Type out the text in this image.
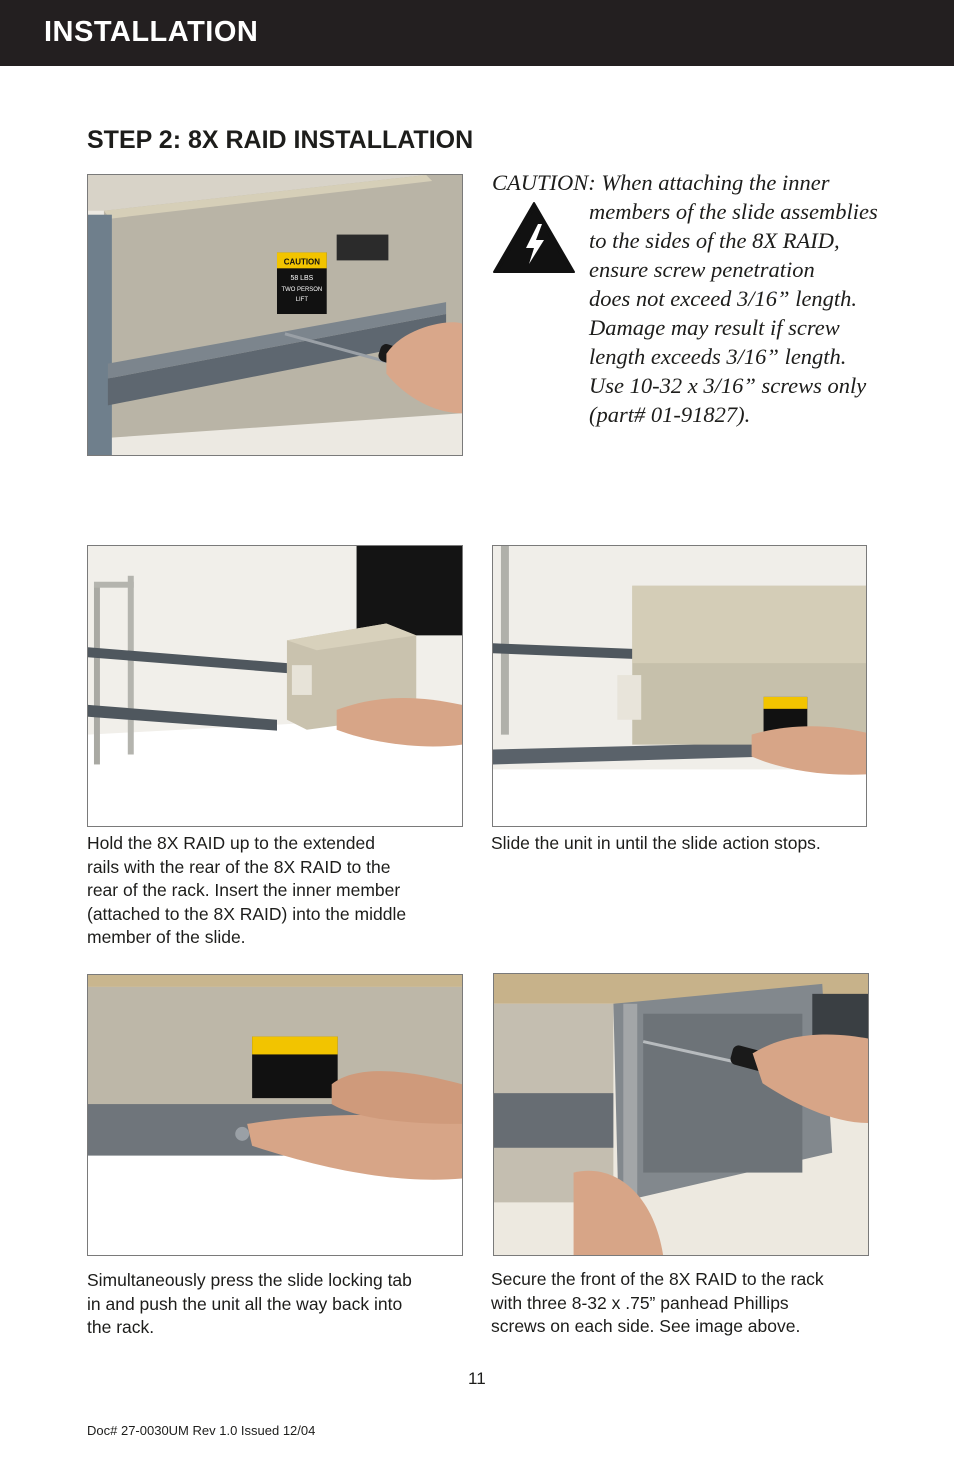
INSTALLATION
STEP 2: 8X RAID INSTALLATION
CAUTION
58 LBS
TWO PERSON
LIFT
CAUTION: When attaching the inner
members of the slide assemblies
to the sides of the 8X RAID,
ensure screw penetration
does not exceed 3/16” length.
Damage may result if screw
length exceeds 3/16” length.
Use 10-32 x 3/16” screws only
(part# 01-91827).
Hold the 8X RAID up to the extended
rails with the rear of the 8X RAID to the
rear of the rack. Insert the inner member
(attached to the 8X RAID) into the middle
member of the slide.
Slide the unit in until the slide action stops.
Simultaneously press the slide locking tab
in and push the unit all the way back into
the rack.
Secure the front of the 8X RAID to the rack
with three 8-32 x .75” panhead Phillips
screws on each side. See image above.
11
Doc# 27-0030UM Rev 1.0 Issued 12/04
